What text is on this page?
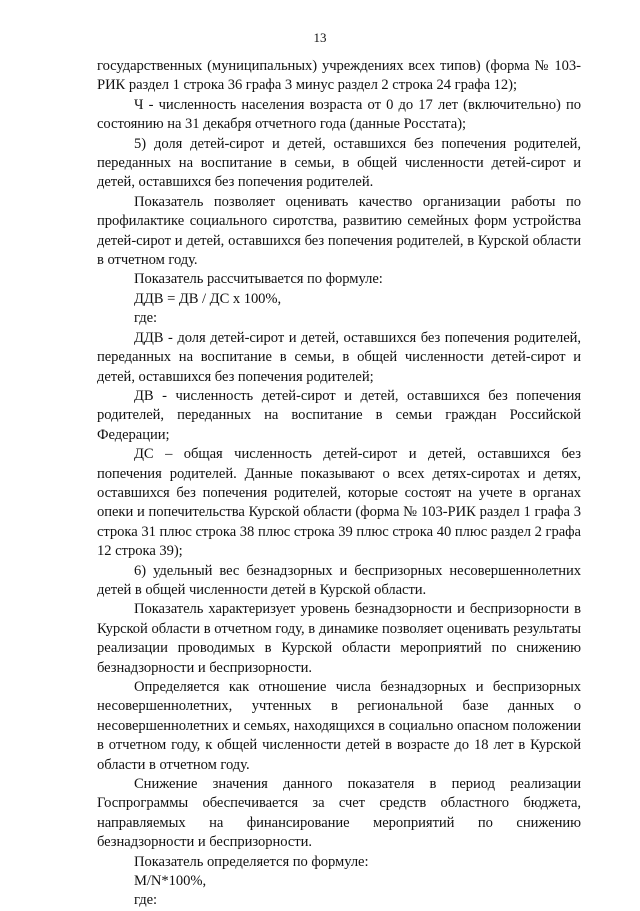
13

государственных (муниципальных) учреждениях всех типов) (форма № 103-РИК раздел 1 строка 36 графа 3 минус раздел 2 строка 24 графа 12);

Ч - численность населения возраста от 0 до 17 лет (включительно) по состоянию на 31 декабря отчетного года (данные Росстата);

5) доля детей-сирот и детей, оставшихся без попечения родителей, переданных на воспитание в семьи, в общей численности детей-сирот и детей, оставшихся без попечения родителей.

Показатель позволяет оценивать качество организации работы по профилактике социального сиротства, развитию семейных форм устройства детей-сирот и детей, оставшихся без попечения родителей, в Курской области в отчетном году.

Показатель рассчитывается по формуле:

ДДВ = ДВ / ДС х 100%,

где:

ДДВ - доля детей-сирот и детей, оставшихся без попечения родителей, переданных на воспитание в семьи, в общей численности детей-сирот и детей, оставшихся без попечения родителей;

ДВ - численность детей-сирот и детей, оставшихся без попечения родителей, переданных на воспитание в семьи граждан Российской Федерации;

ДС – общая численность детей-сирот и детей, оставшихся без попечения родителей. Данные показывают о всех детях-сиротах и детях, оставшихся без попечения родителей, которые состоят на учете в органах опеки и попечительства Курской области (форма № 103-РИК раздел 1 графа 3 строка 31 плюс строка 38 плюс строка 39 плюс строка 40 плюс раздел 2 графа 12 строка 39);

6) удельный вес безнадзорных и беспризорных несовершеннолетних детей в общей численности детей в Курской области.

Показатель характеризует уровень безнадзорности и беспризорности в Курской области в отчетном году, в динамике позволяет оценивать результаты реализации проводимых в Курской области мероприятий по снижению безнадзорности и беспризорности.

Определяется как отношение числа безнадзорных и беспризорных несовершеннолетних, учтенных в региональной базе данных о несовершеннолетних и семьях, находящихся в социально опасном положении в отчетном году, к общей численности детей в возрасте до 18 лет в Курской области в отчетном году.

Снижение значения данного показателя в период реализации Госпрограммы обеспечивается за счет средств областного бюджета, направляемых на финансирование мероприятий по снижению безнадзорности и беспризорности.

Показатель определяется по формуле:

M/N*100%,

где:
